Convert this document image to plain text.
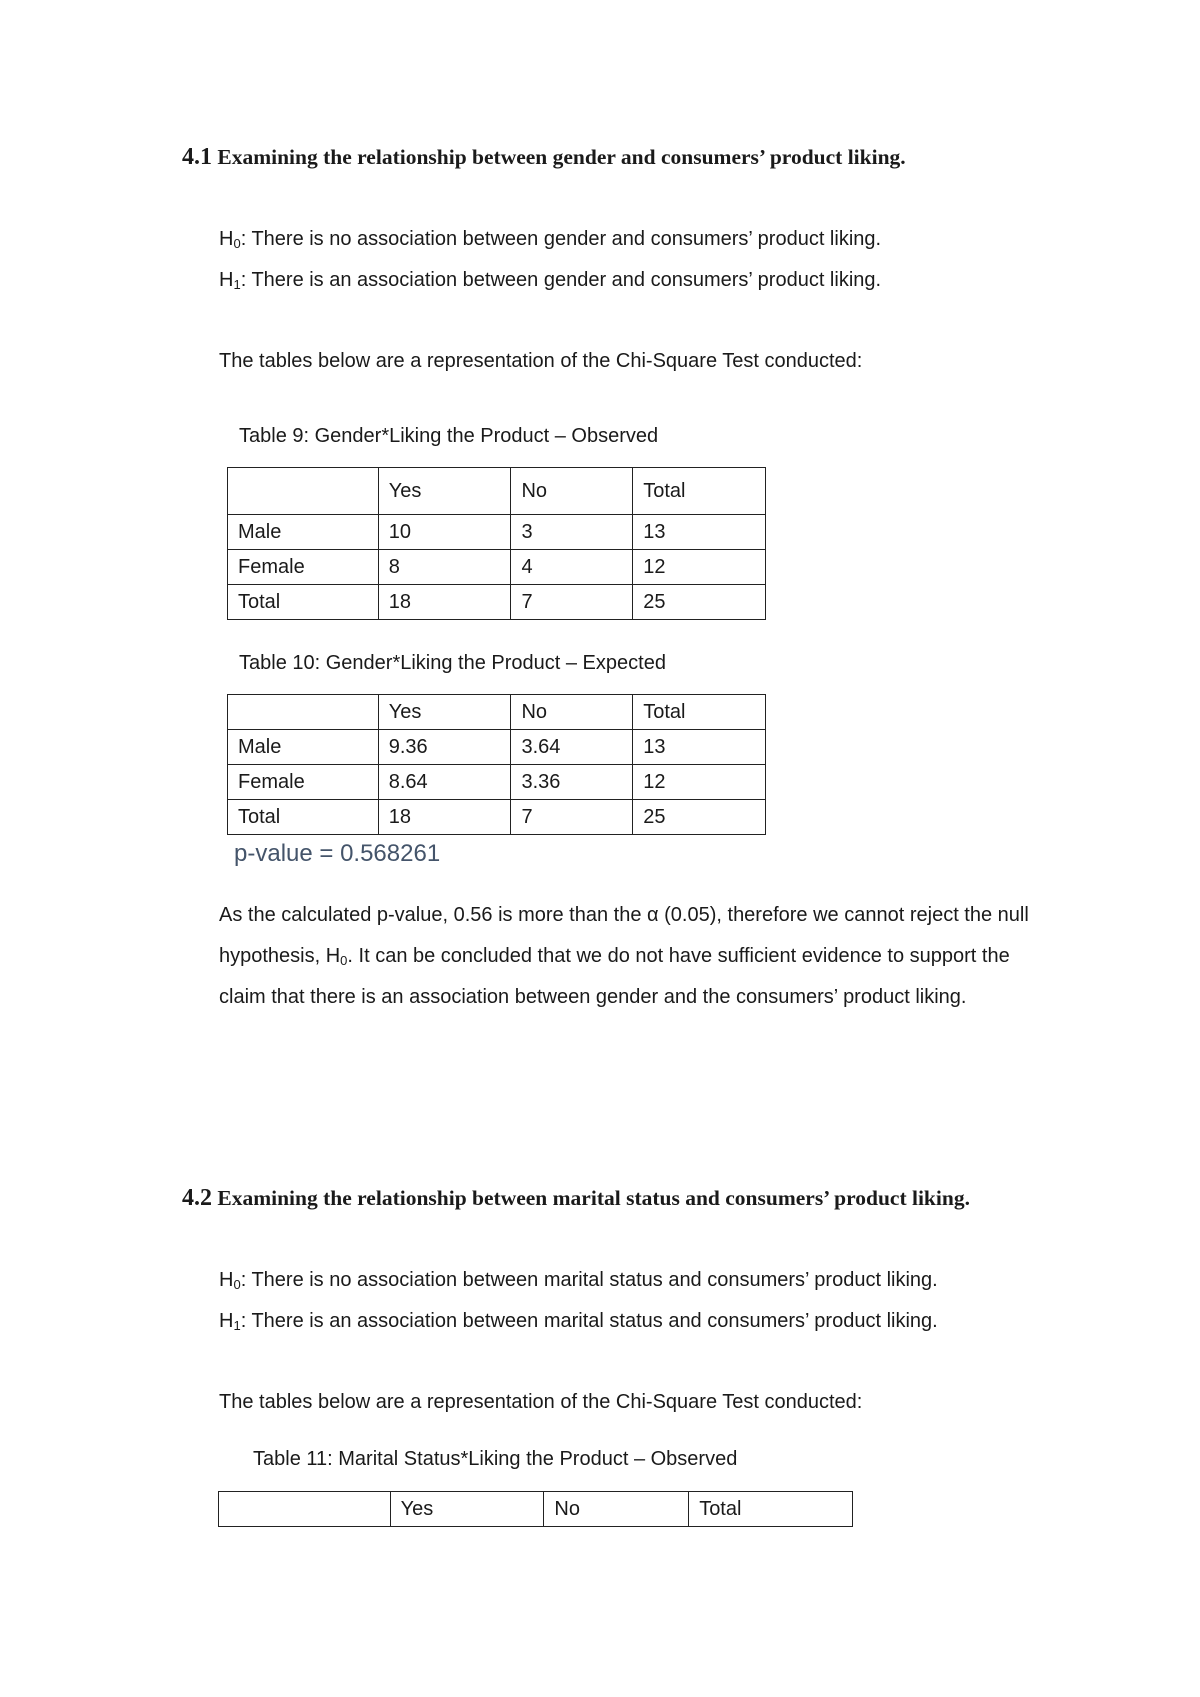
4.1 Examining the relationship between gender and consumers’ product liking.
$H_0$: There is no association between gender and consumers’ product liking.
$H_1$: There is an association between gender and consumers’ product liking.
The tables below are a representation of the Chi-Square Test conducted:
Table 9: Gender*Liking the Product – Observed
	Yes	No	Total
Male	10	3	13
Female	8	4	12
Total	18	7	25
Table 10: Gender*Liking the Product – Expected
	Yes	No	Total
Male	9.36	3.64	13
Female	8.64	3.36	12
Total	18	7	25
p-value = 0.568261
As the calculated p-value, 0.56 is more than the α (0.05), therefore we cannot reject the null
hypothesis, $H_0$. It can be concluded that we do not have sufficient evidence to support the
claim that there is an association between gender and the consumers’ product liking.
4.2 Examining the relationship between marital status and consumers’ product liking.
$H_0$: There is no association between marital status and consumers’ product liking.
$H_1$: There is an association between marital status and consumers’ product liking.
The tables below are a representation of the Chi-Square Test conducted:
Table 11: Marital Status*Liking the Product – Observed
	Yes	No	Total
